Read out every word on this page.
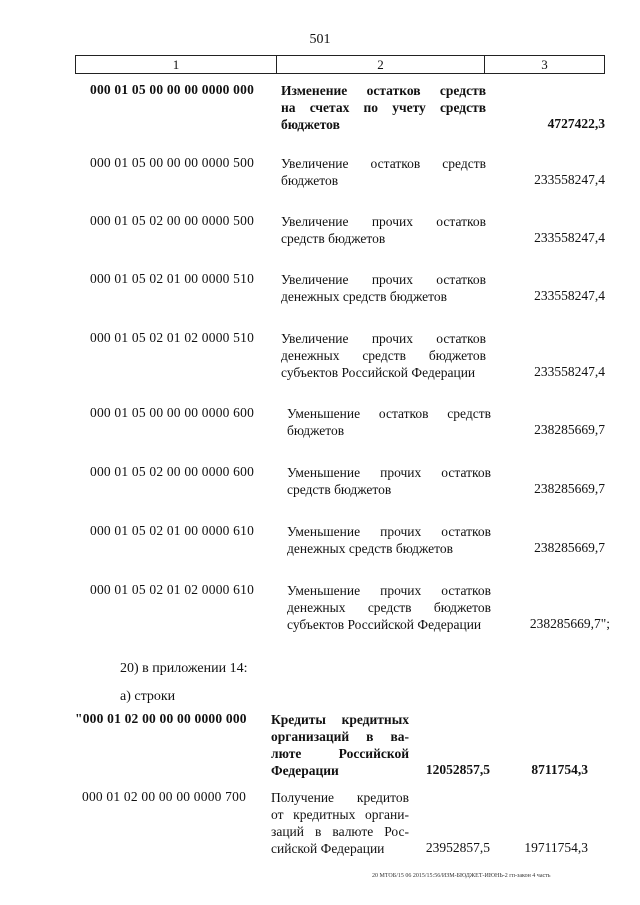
501
1	2	3
000 01 05 00 00 00 0000 000 Изменение остатков средств
на счетах по учету средств
бюджетов	4727422,3
000 01 05 00 00 00 0000 500 Увеличение остатков средств
бюджетов	233558247,4
000 01 05 02 00 00 0000 500 Увеличение прочих остатков
средств бюджетов	233558247,4
000 01 05 02 01 00 0000 510 Увеличение прочих остатков
денежных средств бюджетов	233558247,4
000 01 05 02 01 02 0000 510 Увеличение прочих остатков
денежных средств бюджетов
субъектов Российской Федерации	233558247,4
000 01 05 00 00 00 0000 600 Уменьшение остатков средств
бюджетов	238285669,7
000 01 05 02 00 00 0000 600 Уменьшение прочих остатков
средств бюджетов	238285669,7
000 01 05 02 01 00 0000 610 Уменьшение прочих остатков
денежных средств бюджетов	238285669,7
000 01 05 02 01 02 0000 610 Уменьшение прочих остатков
денежных средств бюджетов
субъектов Российской Федерации	238285669,7";
20) в приложении 14:
а) строки
"000 01 02 00 00 00 0000 000 Кредиты кредитных
организаций в ва-
люте Российской
Федерации	12052857,5	8711754,3
000 01 02 00 00 00 0000 700 Получение кредитов
от кредитных органи-
заций в валюте Рос-
сийской Федерации	23952857,5	19711754,3
20 МТОБ/15 06 2015/15:56/ИЗМ-БЮДЖЕТ-ИЮНЬ-2 гп-закон 4 часть
